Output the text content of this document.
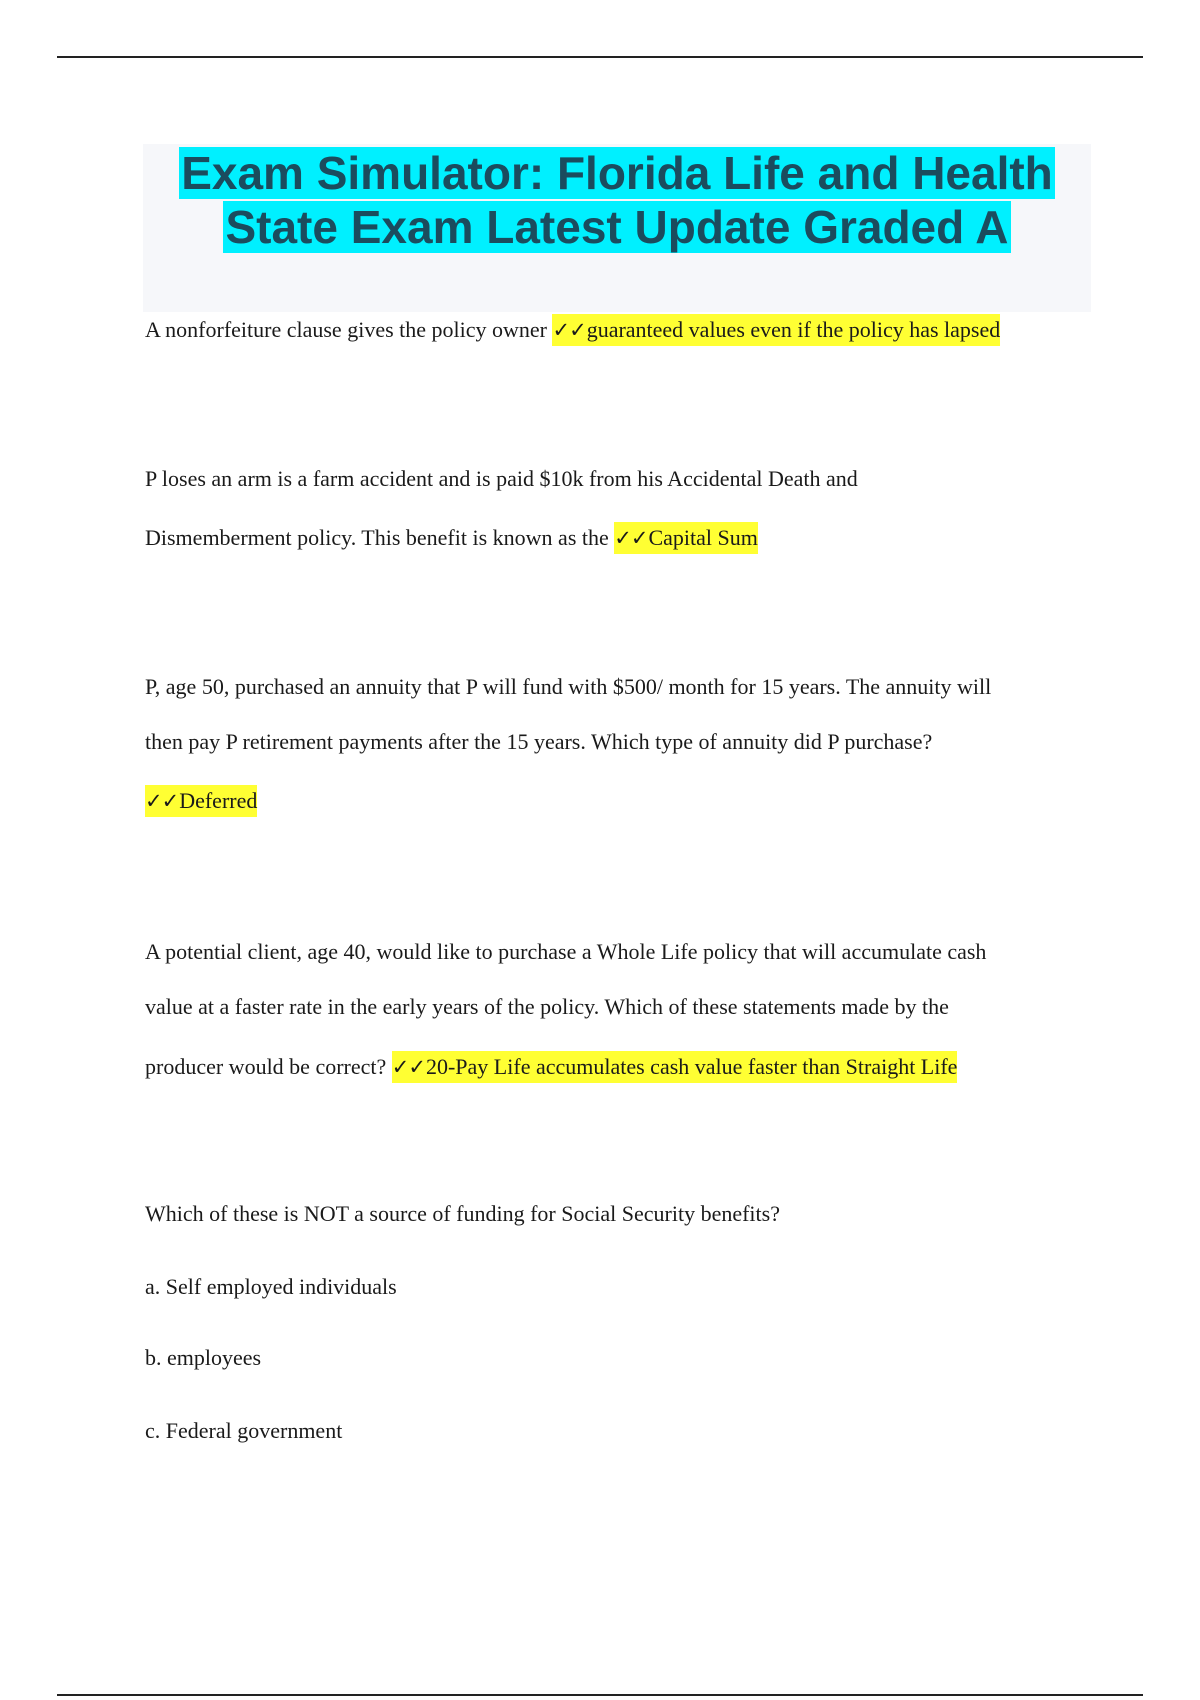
Exam Simulator: Florida Life and Health
State Exam Latest Update Graded A

A nonforfeiture clause gives the policy owner ✓✓guaranteed values even if the policy has lapsed

P loses an arm is a farm accident and is paid $10k from his Accidental Death and

Dismemberment policy. This benefit is known as the ✓✓Capital Sum

P, age 50, purchased an annuity that P will fund with $500/ month for 15 years. The annuity will

then pay P retirement payments after the 15 years. Which type of annuity did P purchase?

✓✓Deferred

A potential client, age 40, would like to purchase a Whole Life policy that will accumulate cash

value at a faster rate in the early years of the policy. Which of these statements made by the

producer would be correct? ✓✓20-Pay Life accumulates cash value faster than Straight Life

Which of these is NOT a source of funding for Social Security benefits?

a. Self employed individuals

b. employees

c. Federal government
